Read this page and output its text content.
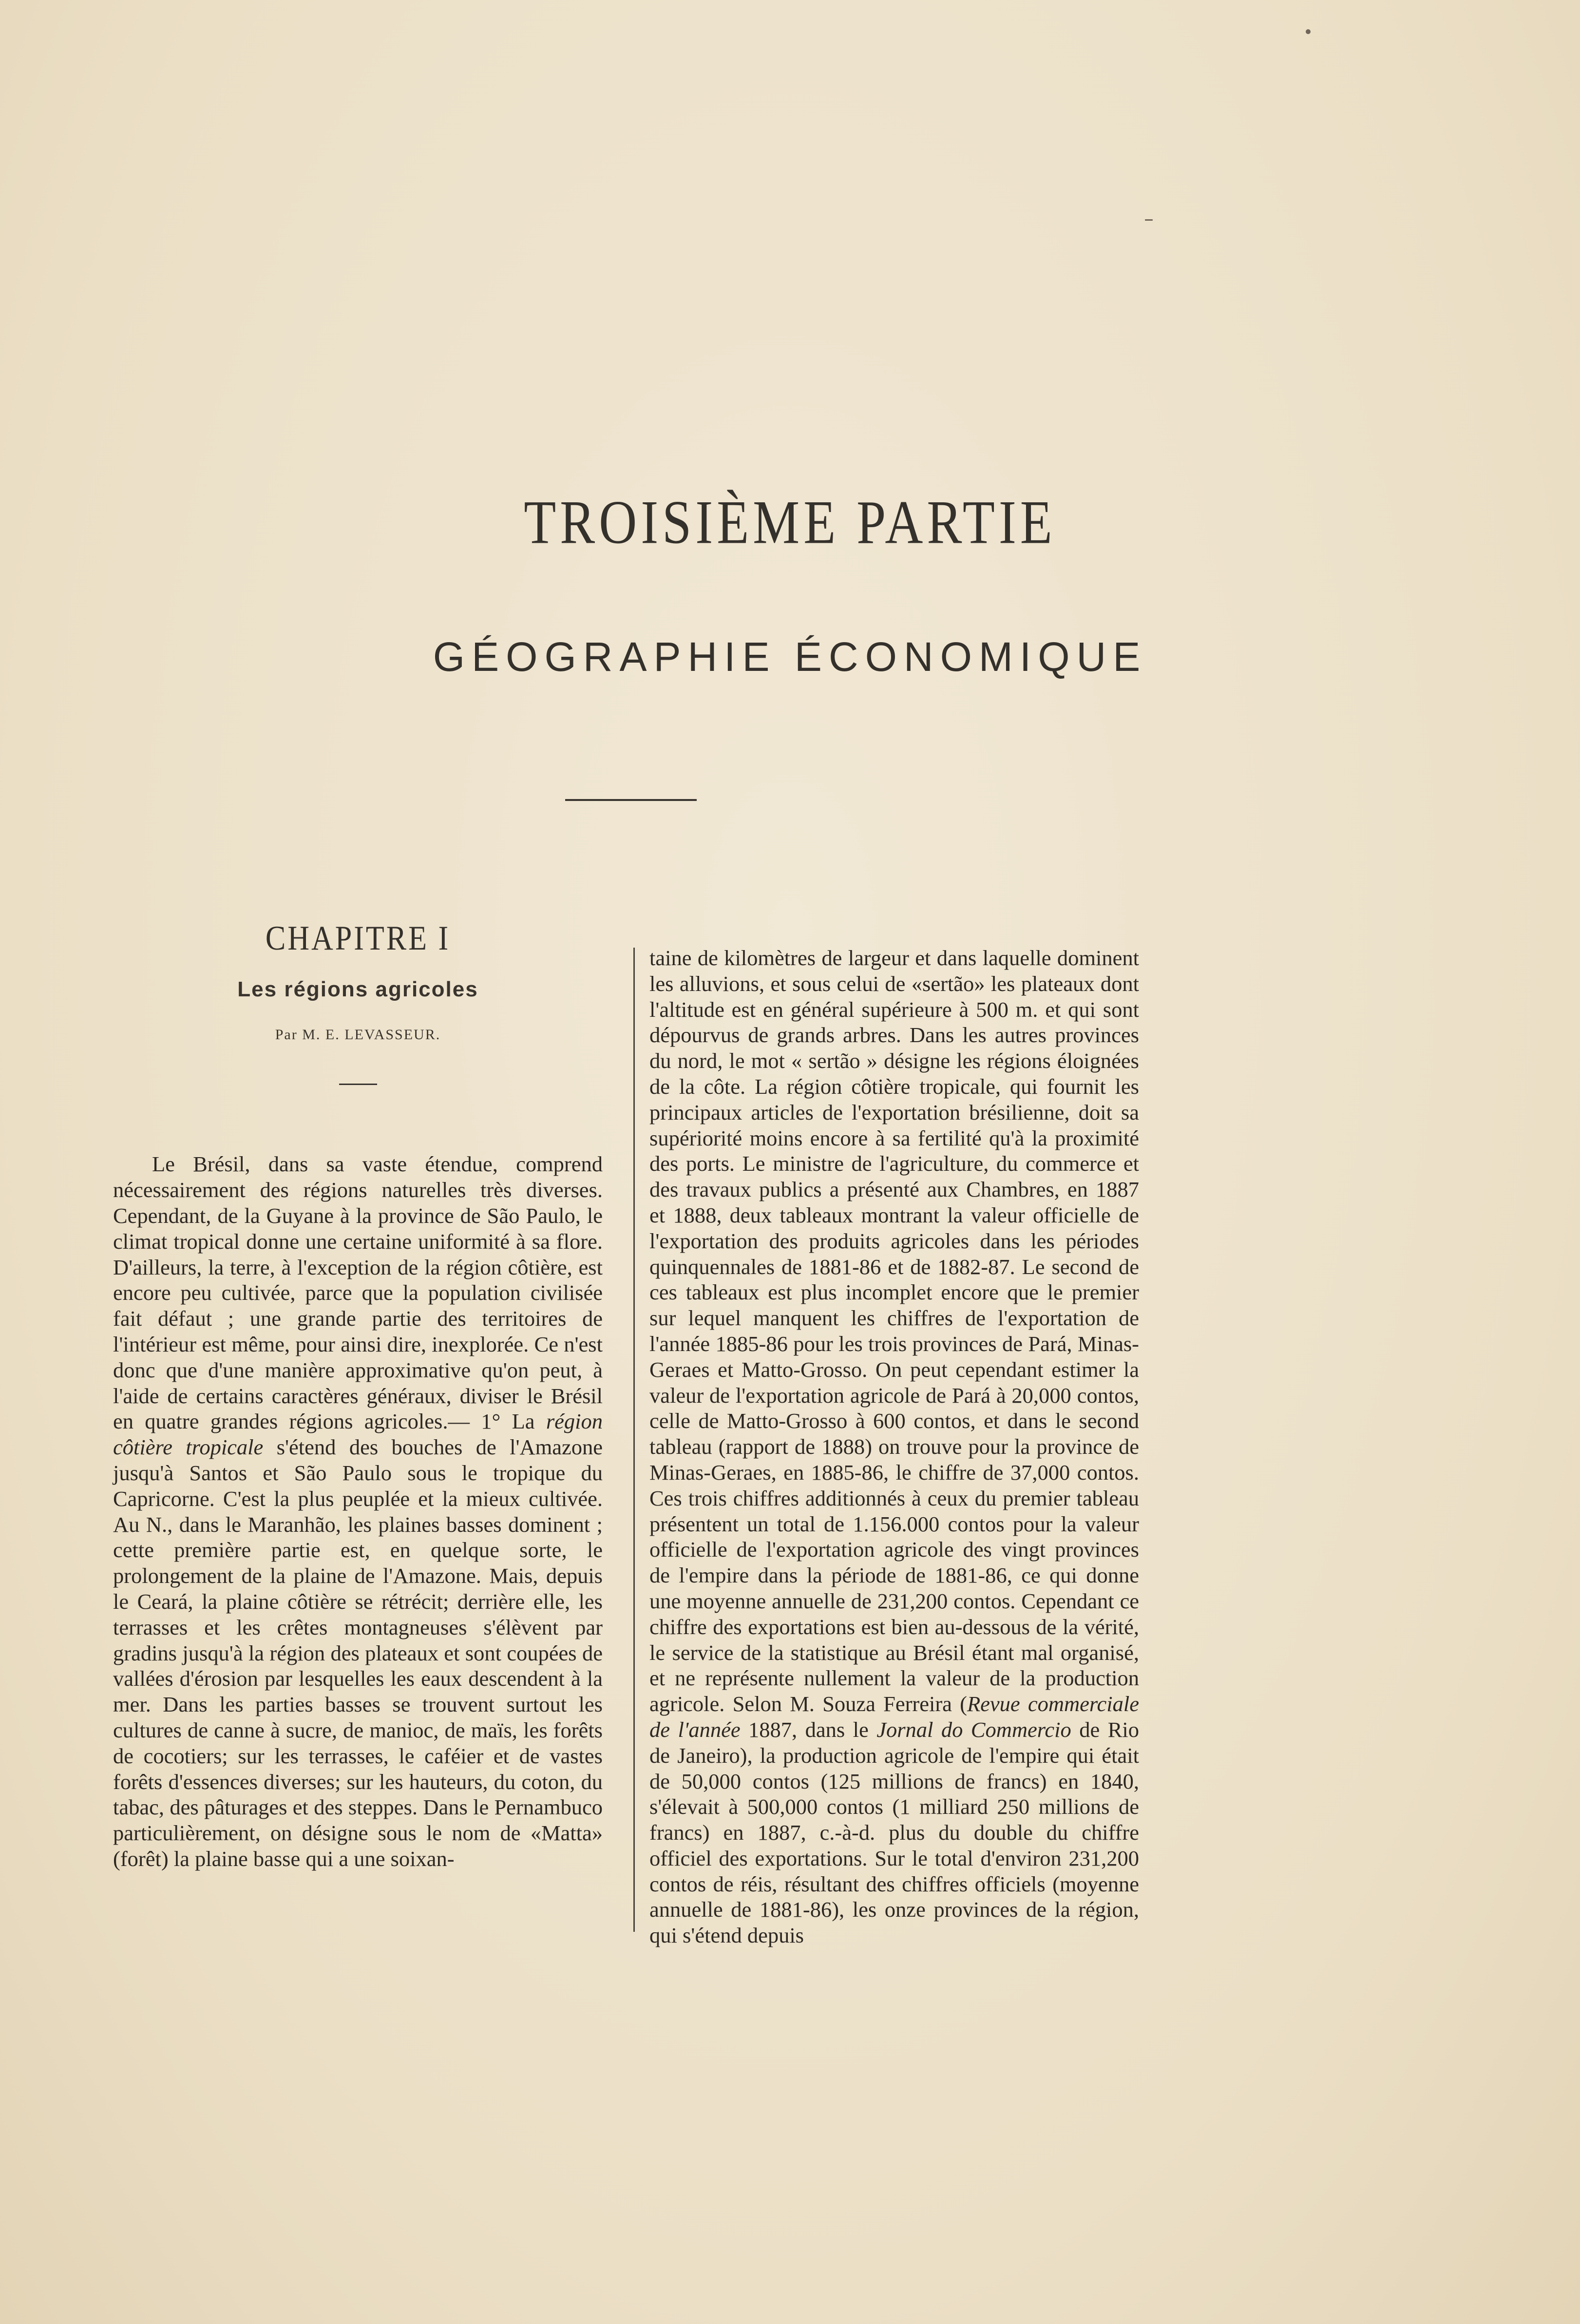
TROISIÈME PARTIE
GÉOGRAPHIE ÉCONOMIQUE
CHAPITRE I
Les régions agricoles
Par M. E. LEVASSEUR.

Le Brésil, dans sa vaste étendue, comprend nécessairement des régions naturelles très diverses. Cependant, de la Guyane à la province de São Paulo, le climat tropical donne une certaine uniformité à sa flore. D'ailleurs, la terre, à l'exception de la région côtière, est encore peu cultivée, parce que la population civilisée fait défaut ; une grande partie des territoires de l'intérieur est même, pour ainsi dire, inexplorée. Ce n'est donc que d'une manière approximative qu'on peut, à l'aide de certains caractères généraux, diviser le Brésil en quatre grandes régions agricoles.— 1° La région côtière tropicale s'étend des bouches de l'Amazone jusqu'à Santos et São Paulo sous le tropique du Capricorne. C'est la plus peuplée et la mieux cultivée. Au N., dans le Maranhão, les plaines basses dominent ; cette première partie est, en quelque sorte, le prolongement de la plaine de l'Amazone. Mais, depuis le Ceará, la plaine côtière se rétrécit; derrière elle, les terrasses et les crêtes montagneuses s'élèvent par gradins jusqu'à la région des plateaux et sont coupées de vallées d'érosion par lesquelles les eaux descendent à la mer. Dans les parties basses se trouvent surtout les cultures de canne à sucre, de manioc, de maïs, les forêts de cocotiers; sur les terrasses, le caféier et de vastes forêts d'essences diverses; sur les hauteurs, du coton, du tabac, des pâturages et des steppes. Dans le Pernambuco particulièrement, on désigne sous le nom de «Matta» (forêt) la plaine basse qui a une soixan-

taine de kilomètres de largeur et dans laquelle dominent les alluvions, et sous celui de «sertão» les plateaux dont l'altitude est en général supérieure à 500 m. et qui sont dépourvus de grands arbres. Dans les autres provinces du nord, le mot « sertão » désigne les régions éloignées de la côte. La région côtière tropicale, qui fournit les principaux articles de l'exportation brésilienne, doit sa supériorité moins encore à sa fertilité qu'à la proximité des ports. Le ministre de l'agriculture, du commerce et des travaux publics a présenté aux Chambres, en 1887 et 1888, deux tableaux montrant la valeur officielle de l'exportation des produits agricoles dans les périodes quinquennales de 1881-86 et de 1882-87. Le second de ces tableaux est plus incomplet encore que le premier sur lequel manquent les chiffres de l'exportation de l'année 1885-86 pour les trois provinces de Pará, Minas-Geraes et Matto-Grosso. On peut cependant estimer la valeur de l'exportation agricole de Pará à 20,000 contos, celle de Matto-Grosso à 600 contos, et dans le second tableau (rapport de 1888) on trouve pour la province de Minas-Geraes, en 1885-86, le chiffre de 37,000 contos. Ces trois chiffres additionnés à ceux du premier tableau présentent un total de 1.156.000 contos pour la valeur officielle de l'exportation agricole des vingt provinces de l'empire dans la période de 1881-86, ce qui donne une moyenne annuelle de 231,200 contos. Cependant ce chiffre des exportations est bien au-dessous de la vérité, le service de la statistique au Brésil étant mal organisé, et ne représente nullement la valeur de la production agricole. Selon M. Souza Ferreira (Revue commerciale de l'année 1887, dans le Jornal do Commercio de Rio de Janeiro), la production agricole de l'empire qui était de 50,000 contos (125 millions de francs) en 1840, s'élevait à 500,000 contos (1 milliard 250 millions de francs) en 1887, c.-à-d. plus du double du chiffre officiel des exportations. Sur le total d'environ 231,200 contos de réis, résultant des chiffres officiels (moyenne annuelle de 1881-86), les onze provinces de la région, qui s'étend depuis
